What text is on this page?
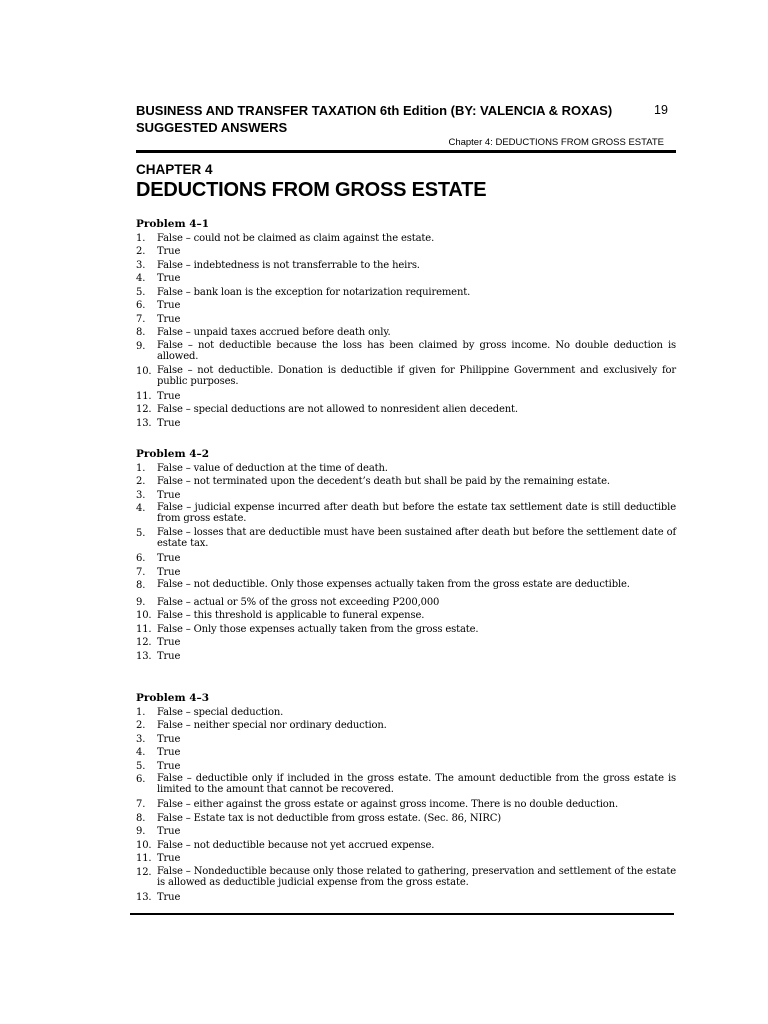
BUSINESS AND TRANSFER TAXATION 6th Edition (BY: VALENCIA & ROXAS)	19
SUGGESTED ANSWERS
Chapter 4: DEDUCTIONS FROM GROSS ESTATE
CHAPTER 4
DEDUCTIONS FROM GROSS ESTATE
Problem 4–1
1.	False – could not be claimed as claim against the estate.
2.	True
3.	False – indebtedness is not transferrable to the heirs.
4.	True
5.	False – bank loan is the exception for notarization requirement.
6.	True
7.	True
8.	False – unpaid taxes accrued before death only.
9.	False – not deductible because the loss has been claimed by gross income. No double deduction is allowed.
10. False – not deductible. Donation is deductible if given for Philippine Government and exclusively for public purposes.
11. True
12. False – special deductions are not allowed to nonresident alien decedent.
13. True
Problem 4–2
1.	False – value of deduction at the time of death.
2.	False – not terminated upon the decedent’s death but shall be paid by the remaining estate.
3.	True
4.	False – judicial expense incurred after death but before the estate tax settlement date is still deductible from gross estate.
5.	False – losses that are deductible must have been sustained after death but before the settlement date of estate tax.
6.	True
7.	True
8.	False – not deductible. Only those expenses actually taken from the gross estate are deductible.
9.	False – actual or 5% of the gross not exceeding P200,000
10. False – this threshold is applicable to funeral expense.
11. False – Only those expenses actually taken from the gross estate.
12. True
13. True
Problem 4–3
1.	False – special deduction.
2.	False – neither special nor ordinary deduction.
3.	True
4.	True
5.	True
6.	False – deductible only if included in the gross estate. The amount deductible from the gross estate is limited to the amount that cannot be recovered.
7.	False – either against the gross estate or against gross income. There is no double deduction.
8.	False – Estate tax is not deductible from gross estate. (Sec. 86, NIRC)
9.	True
10. False – not deductible because not yet accrued expense.
11. True
12. False – Nondeductible because only those related to gathering, preservation and settlement of the estate is allowed as deductible judicial expense from the gross estate.
13. True
